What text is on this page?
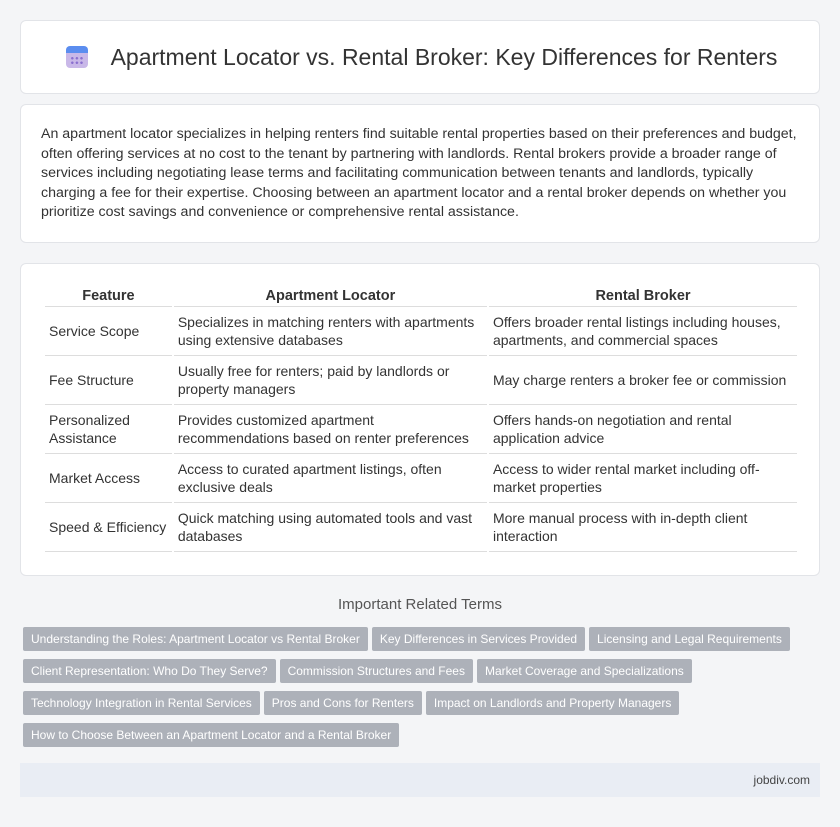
Apartment Locator vs. Rental Broker: Key Differences for Renters

An apartment locator specializes in helping renters find suitable rental properties based on their preferences and budget, often offering services at no cost to the tenant by partnering with landlords. Rental brokers provide a broader range of services including negotiating lease terms and facilitating communication between tenants and landlords, typically charging a fee for their expertise. Choosing between an apartment locator and a rental broker depends on whether you prioritize cost savings and convenience or comprehensive rental assistance.

Feature	Apartment Locator	Rental Broker
Service Scope	Specializes in matching renters with apartments using extensive databases	Offers broader rental listings including houses, apartments, and commercial spaces
Fee Structure	Usually free for renters; paid by landlords or property managers	May charge renters a broker fee or commission
Personalized Assistance	Provides customized apartment recommendations based on renter preferences	Offers hands-on negotiation and rental application advice
Market Access	Access to curated apartment listings, often exclusive deals	Access to wider rental market including off-market properties
Speed & Efficiency	Quick matching using automated tools and vast databases	More manual process with in-depth client interaction
Important Related Terms
Understanding the Roles: Apartment Locator vs Rental Broker	Key Differences in Services Provided	Licensing and Legal Requirements
Client Representation: Who Do They Serve?	Commission Structures and Fees	Market Coverage and Specializations
Technology Integration in Rental Services	Pros and Cons for Renters	Impact on Landlords and Property Managers
How to Choose Between an Apartment Locator and a Rental Broker
jobdiv.com
